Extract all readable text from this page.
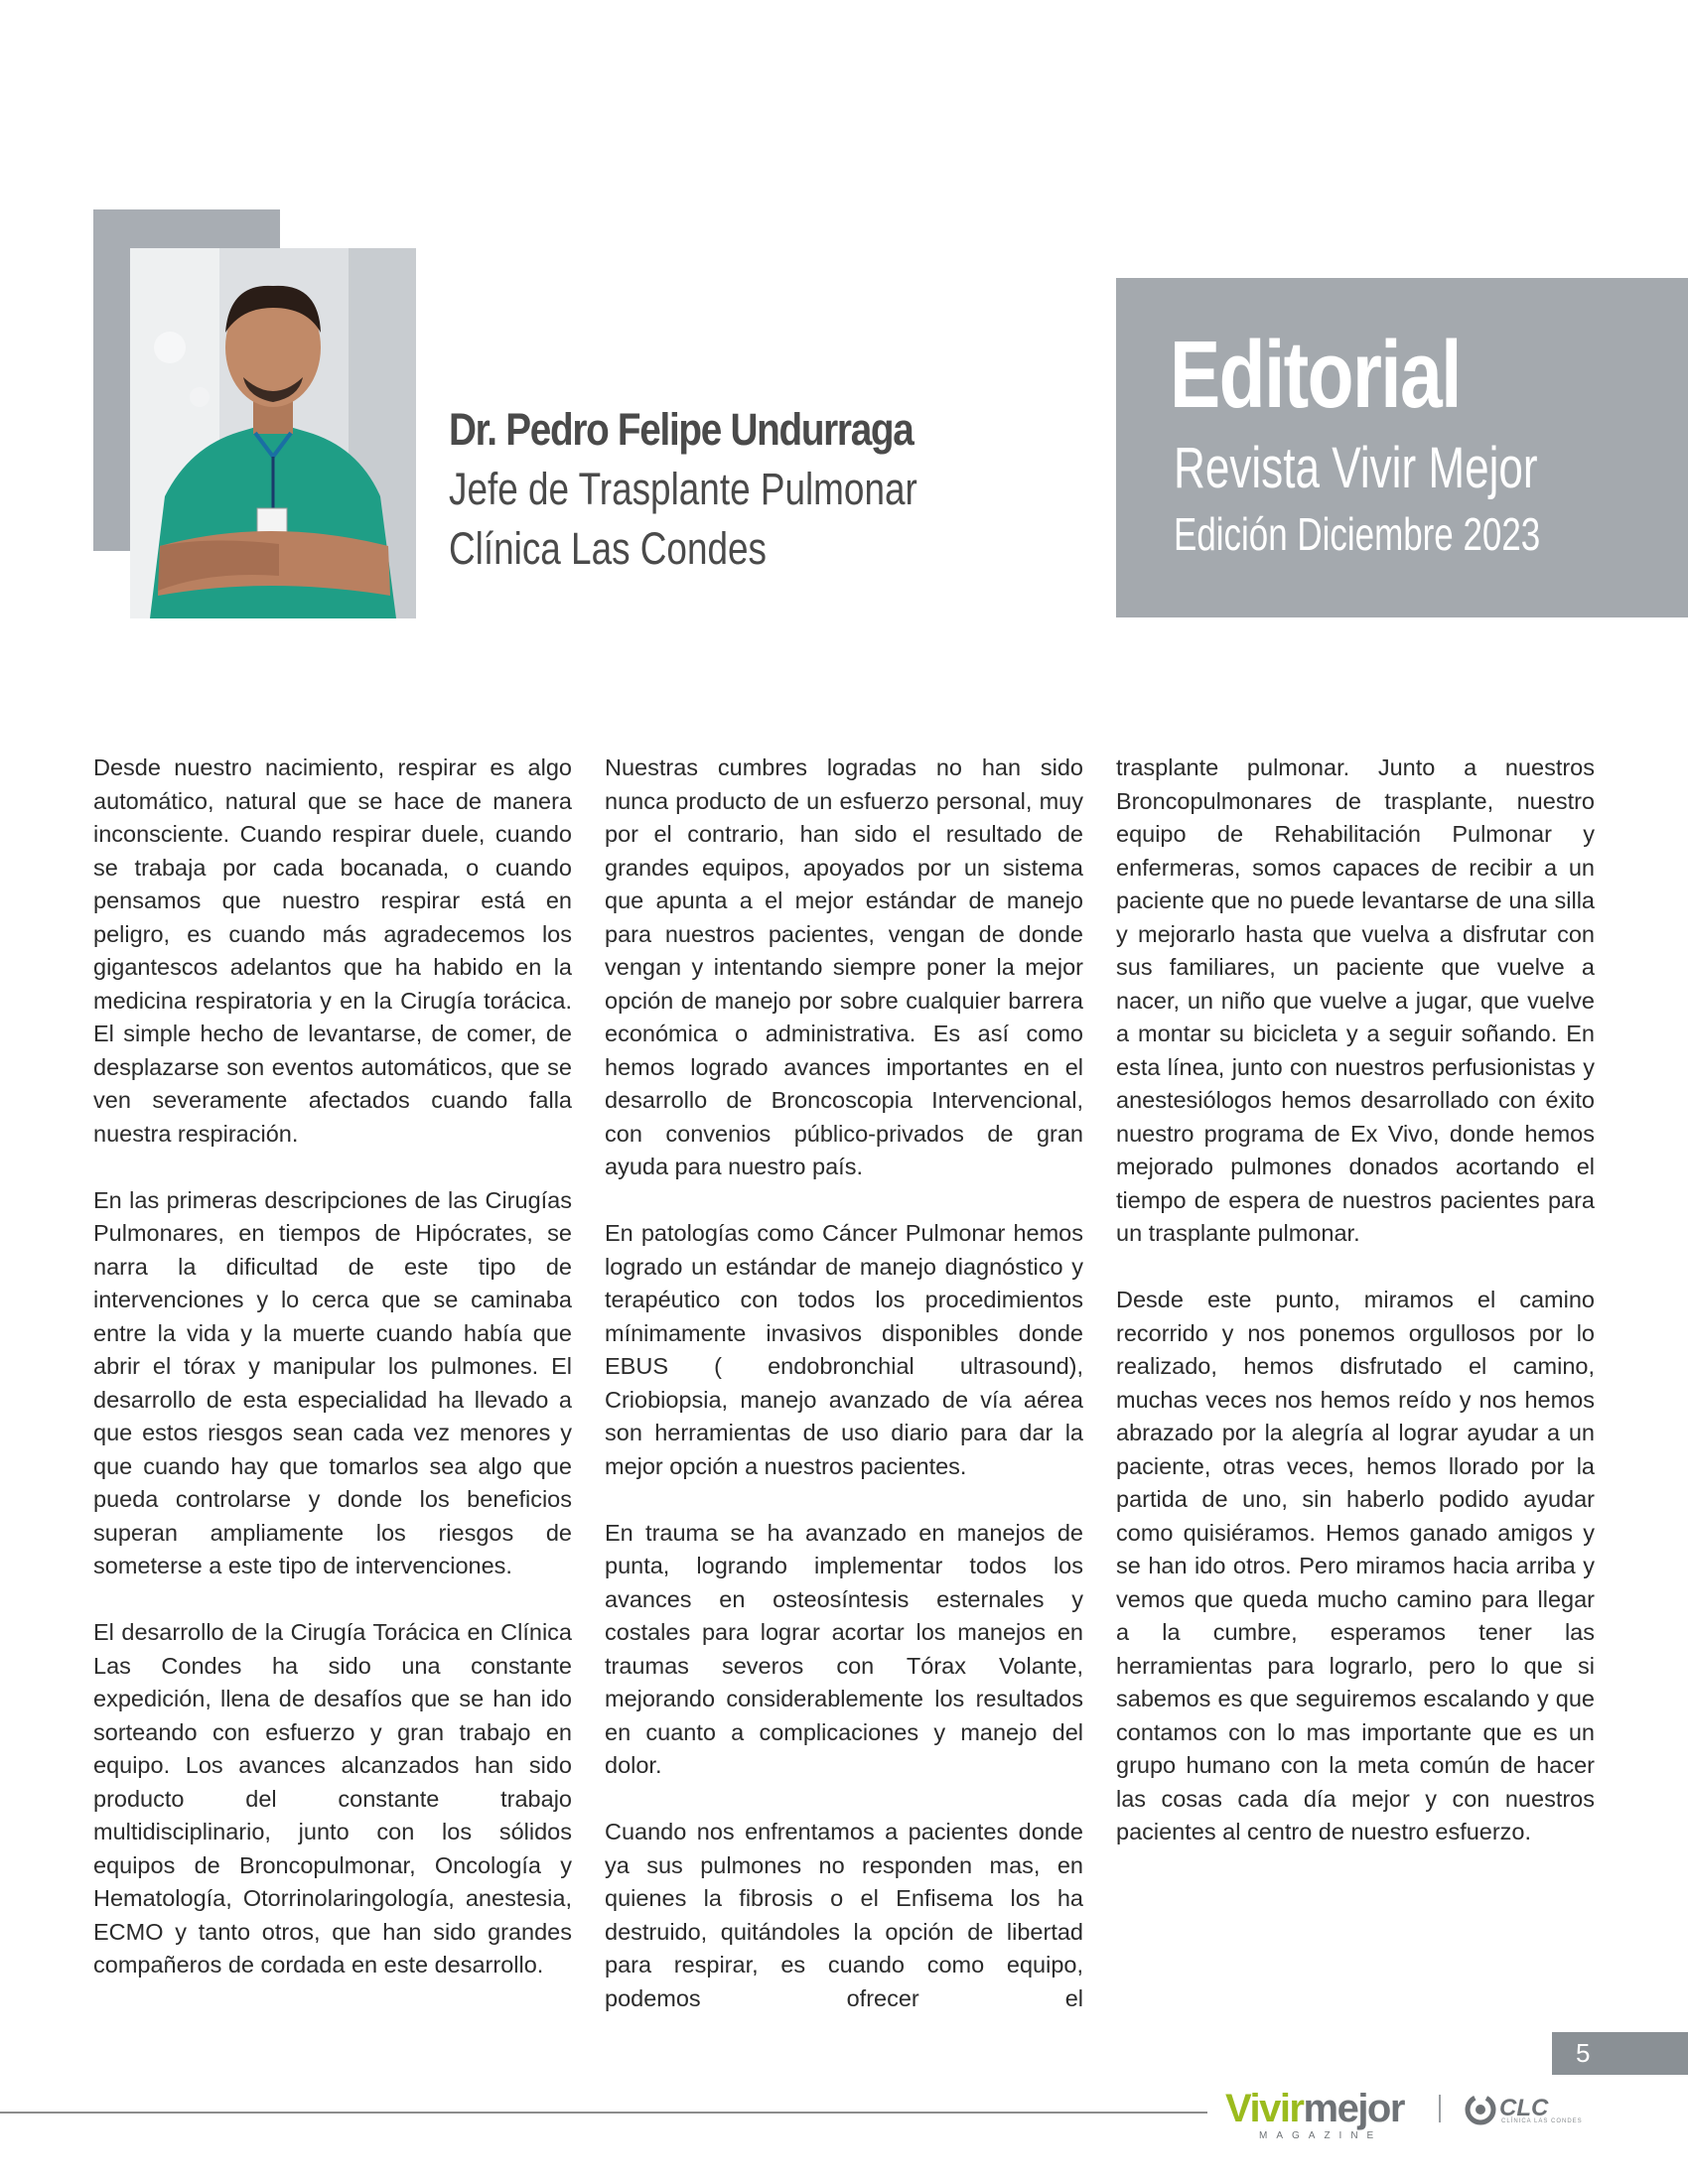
Dr. Pedro Felipe Undurraga
Jefe de Trasplante Pulmonar
Clínica Las Condes
Editorial
Revista Vivir Mejor
Edición Diciembre 2023

Desde nuestro nacimiento, respirar es algo automático, natural que se hace de manera inconsciente. Cuando respirar duele, cuando se trabaja por cada bocanada, o cuando pensamos que nuestro respirar está en peligro, es cuando más agradecemos los gigantescos adelantos que ha habido en la medicina respiratoria y en la Cirugía torácica. El simple hecho de levantarse, de comer, de desplazarse son eventos automáticos, que se ven severamente afectados cuando falla nuestra respiración.

En las primeras descripciones de las Cirugías Pulmonares, en tiempos de Hipócrates, se narra la dificultad de este tipo de intervenciones y lo cerca que se caminaba entre la vida y la muerte cuando había que abrir el tórax y manipular los pulmones. El desarrollo de esta especialidad ha llevado a que estos riesgos sean cada vez menores y que cuando hay que tomarlos sea algo que pueda controlarse y donde los beneficios superan ampliamente los riesgos de someterse a este tipo de intervenciones.

El desarrollo de la Cirugía Torácica en Clínica Las Condes ha sido una constante expedición, llena de desafíos que se han ido sorteando con esfuerzo y gran trabajo en equipo. Los avances alcanzados han sido producto del constante trabajo multidisciplinario, junto con los sólidos equipos de Broncopulmonar, Oncología y Hematología, Otorrinolaringología, anestesia, ECMO y tanto otros, que han sido grandes compañeros de cordada en este desarrollo.

Nuestras cumbres logradas no han sido nunca producto de un esfuerzo personal, muy por el contrario, han sido el resultado de grandes equipos, apoyados por un sistema que apunta a el mejor estándar de manejo para nuestros pacientes, vengan de donde vengan y intentando siempre poner la mejor opción de manejo por sobre cualquier barrera económica o administrativa. Es así como hemos logrado avances importantes en el desarrollo de Broncoscopia Intervencional, con convenios público-privados de gran ayuda para nuestro país.

En patologías como Cáncer Pulmonar hemos logrado un estándar de manejo diagnóstico y terapéutico con todos los procedimientos mínimamente invasivos disponibles donde EBUS ( endobronchial ultrasound), Criobiopsia, manejo avanzado de vía aérea son herramientas de uso diario para dar la mejor opción a nuestros pacientes.

En trauma se ha avanzado en manejos de punta, logrando implementar todos los avances en osteosíntesis esternales y costales para lograr acortar los manejos en traumas severos con Tórax Volante, mejorando considerablemente los resultados en cuanto a complicaciones y manejo del dolor.

Cuando nos enfrentamos a pacientes donde ya sus pulmones no responden mas, en quienes la fibrosis o el Enfisema los ha destruido, quitándoles la opción de libertad para respirar, es cuando como equipo, podemos ofrecer el

trasplante pulmonar. Junto a nuestros Broncopulmonares de trasplante, nuestro equipo de Rehabilitación Pulmonar y enfermeras, somos capaces de recibir a un paciente que no puede levantarse de una silla y mejorarlo hasta que vuelva a disfrutar con sus familiares, un paciente que vuelve a nacer, un niño que vuelve a jugar, que vuelve a montar su bicicleta y a seguir soñando. En esta línea, junto con nuestros perfusionistas y anestesiólogos hemos desarrollado con éxito nuestro programa de Ex Vivo, donde hemos mejorado pulmones donados acortando el tiempo de espera de nuestros pacientes para un trasplante pulmonar.

Desde este punto, miramos el camino recorrido y nos ponemos orgullosos por lo realizado, hemos disfrutado el camino, muchas veces nos hemos reído y nos hemos abrazado por la alegría al lograr ayudar a un paciente, otras veces, hemos llorado por la partida de uno, sin haberlo podido ayudar como quisiéramos. Hemos ganado amigos y se han ido otros. Pero miramos hacia arriba y vemos que queda mucho camino para llegar a la cumbre, esperamos tener las herramientas para lograrlo, pero lo que si sabemos es que seguiremos escalando y que contamos con lo mas importante que es un grupo humano con la meta común de hacer las cosas cada día mejor y con nuestros pacientes al centro de nuestro esfuerzo.

5
Vivirmejor
MAGAZINE
CLC
CLÍNICA LAS CONDES
